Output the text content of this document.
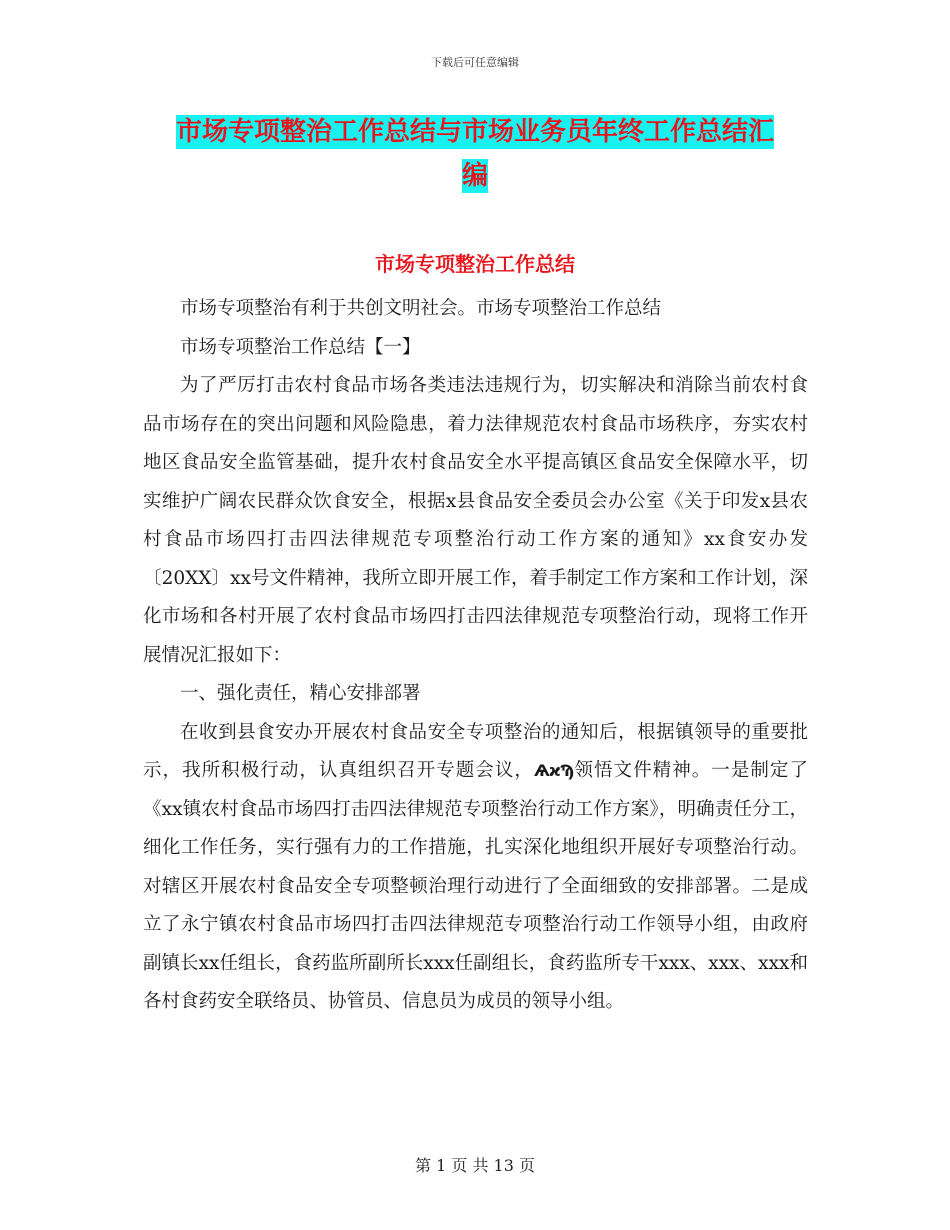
下载后可任意编辑
市场专项整治工作总结与市场业务员年终工作总结汇
编
市场专项整治工作总结

市场专项整治有利于共创文明社会。市场专项整治工作总结

市场专项整治工作总结【一】

为了严厉打击农村食品市场各类违法违规行为，切实解决和消除当前农村食品市场存在的突出问题和风险隐患，着力法律规范农村食品市场秩序，夯实农村地区食品安全监管基础，提升农村食品安全水平提高镇区食品安全保障水平，切实维护广阔农民群众饮食安全，根据x县食品安全委员会办公室《关于印发x县农村食品市场四打击四法律规范专项整治行动工作方案的通知》xx食安办发〔20XX〕xx号文件精神，我所立即开展工作，着手制定工作方案和工作计划，深化市场和各村开展了农村食品市场四打击四法律规范专项整治行动，现将工作开展情况汇报如下：

一、强化责任，精心安排部署

在收到县食安办开展农村食品安全专项整治的通知后，根据镇领导的重要批示，我所积极行动，认真组织召开专题会议，ѦϰϠ领悟文件精神。一是制定了《xx镇农村食品市场四打击四法律规范专项整治行动工作方案》，明确责任分工，细化工作任务，实行强有力的工作措施，扎实深化地组织开展好专项整治行动。对辖区开展农村食品安全专项整顿治理行动进行了全面细致的安排部署。二是成立了永宁镇农村食品市场四打击四法律规范专项整治行动工作领导小组，由政府副镇长xx任组长，食药监所副所长xxx任副组长，食药监所专干xxx、xxx、xxx和各村食药安全联络员、协管员、信息员为成员的领导小组。

第 1 页 共 13 页
